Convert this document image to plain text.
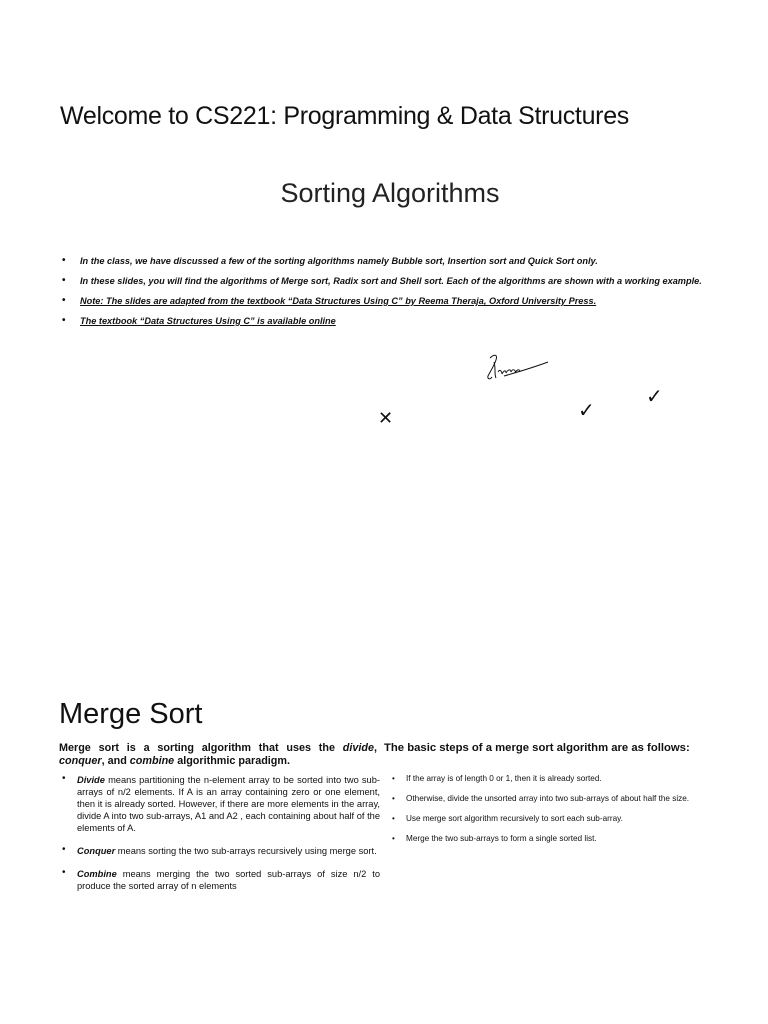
Welcome to CS221: Programming & Data Structures
Sorting Algorithms
• In the class, we have discussed a few of the sorting algorithms namely Bubble sort, Insertion sort and Quick Sort only.
• In these slides, you will find the algorithms of Merge sort, Radix sort and Shell sort. Each of the algorithms are shown with a working example.
• Note: The slides are adapted from the textbook “Data Structures Using C” by Reema Theraja, Oxford University Press.
• The textbook “Data Structures Using C” is available online
✕	✓
✓
Merge Sort
Merge sort is a sorting algorithm that uses the divide, conquer, and combine algorithmic paradigm.
The basic steps of a merge sort algorithm are as follows:
• Divide means partitioning the n-element array to be sorted into two sub-arrays of n/2 elements. If A is an array containing zero or one element, then it is already sorted. However, if there are more elements in the array, divide A into two sub-arrays, A1 and A2 , each containing about half of the elements of A.
• Conquer means sorting the two sub-arrays recursively using merge sort.
• Combine means merging the two sorted sub-arrays of size n/2 to produce the sorted array of n elements
• If the array is of length 0 or 1, then it is already sorted.
• Otherwise, divide the unsorted array into two sub-arrays of about half the size.
• Use merge sort algorithm recursively to sort each sub-array.
• Merge the two sub-arrays to form a single sorted list.
